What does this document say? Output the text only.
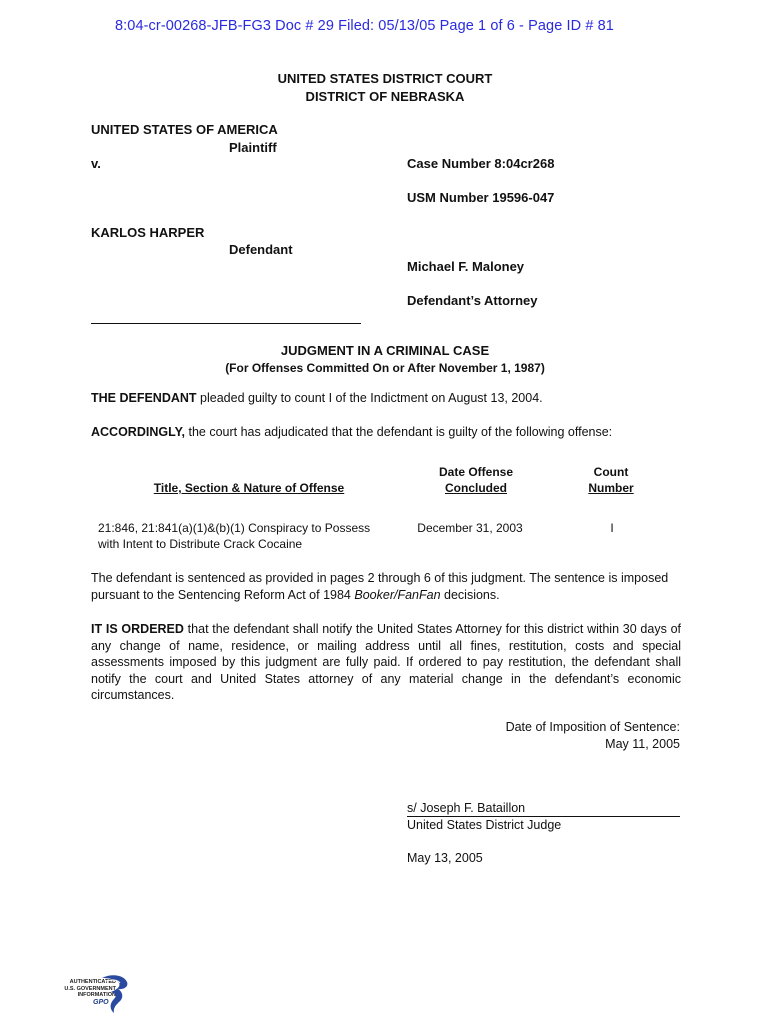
8:04-cr-00268-JFB-FG3 Doc # 29 Filed: 05/13/05 Page 1 of 6 - Page ID # 81
UNITED STATES DISTRICT COURT
DISTRICT OF NEBRASKA
UNITED STATES OF AMERICA
Plaintiff
v.	Case Number 8:04cr268
USM Number 19596-047
KARLOS HARPER
Defendant
Michael F. Maloney
Defendant’s Attorney
JUDGMENT IN A CRIMINAL CASE
(For Offenses Committed On or After November 1, 1987)
THE DEFENDANT pleaded guilty to count I of the Indictment on August 13, 2004.
ACCORDINGLY, the court has adjudicated that the defendant is guilty of the following offense:
Title, Section & Nature of Offense
Date Offense
Concluded
Count
Number
21:846, 21:841(a)(1)&(b)(1) Conspiracy to Possess
with Intent to Distribute Crack Cocaine
December 31, 2003	I
The defendant is sentenced as provided in pages 2 through 6 of this judgment. The sentence is imposed pursuant to the Sentencing Reform Act of 1984 Booker/FanFan decisions.
IT IS ORDERED that the defendant shall notify the United States Attorney for this district within 30 days of any change of name, residence, or mailing address until all fines, restitution, costs and special assessments imposed by this judgment are fully paid. If ordered to pay restitution, the defendant shall notify the court and United States attorney of any material change in the defendant’s economic circumstances.
Date of Imposition of Sentence:
May 11, 2005
s/ Joseph F. Bataillon
United States District Judge
May 13, 2005
AUTHENTICATED
U.S. GOVERNMENT
INFORMATION
GPO
